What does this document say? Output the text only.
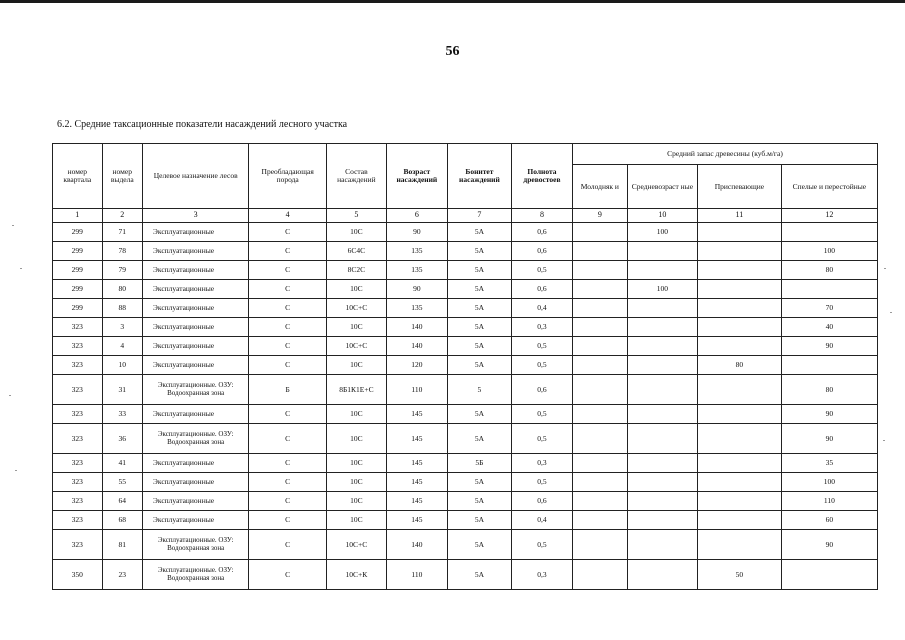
56
6.2. Средние таксационные показатели насаждений лесного участка
номер квартала	номер выдела	Целевое назначение лесов	Преобладающая порода	Состав насаждений	Возраст насаждений	Бонитет насаждений	Полнота древостоев	Средний запас древесины (куб.м/га)			
								Молодняк и	Средневозраст ные	Приспевающие	Спелые и перестойные
1	2	3	4	5	6	7	8	9	10	11	12
299	71	Эксплуатационные	С	10С	90	5А	0,6		100		
299	78	Эксплуатационные	С	6С4С	135	5А	0,6				100
299	79	Эксплуатационные	С	8С2С	135	5А	0,5				80
299	80	Эксплуатационные	С	10С	90	5А	0,6		100		
299	88	Эксплуатационные	С	10С+С	135	5А	0,4				70
323	3	Эксплуатационные	С	10С	140	5А	0,3				40
323	4	Эксплуатационные	С	10С+С	140	5А	0,5				90
323	10	Эксплуатационные	С	10С	120	5А	0,5			80	
323	31	Эксплуатационные. ОЗУ: Водоохранная зона	Б	8Б1К1Е+С	110	5	0,6				80
323	33	Эксплуатационные	С	10С	145	5А	0,5				90
323	36	Эксплуатационные. ОЗУ: Водоохранная зона	С	10С	145	5А	0,5				90
323	41	Эксплуатационные	С	10С	145	5Б	0,3				35
323	55	Эксплуатационные	С	10С	145	5А	0,5				100
323	64	Эксплуатационные	С	10С	145	5А	0,6				110
323	68	Эксплуатационные	С	10С	145	5А	0,4				60
323	81	Эксплуатационные. ОЗУ: Водоохранная зона	С	10С+С	140	5А	0,5				90
350	23	Эксплуатационные. ОЗУ: Водоохранная зона	С	10С+К	110	5А	0,3			50	
